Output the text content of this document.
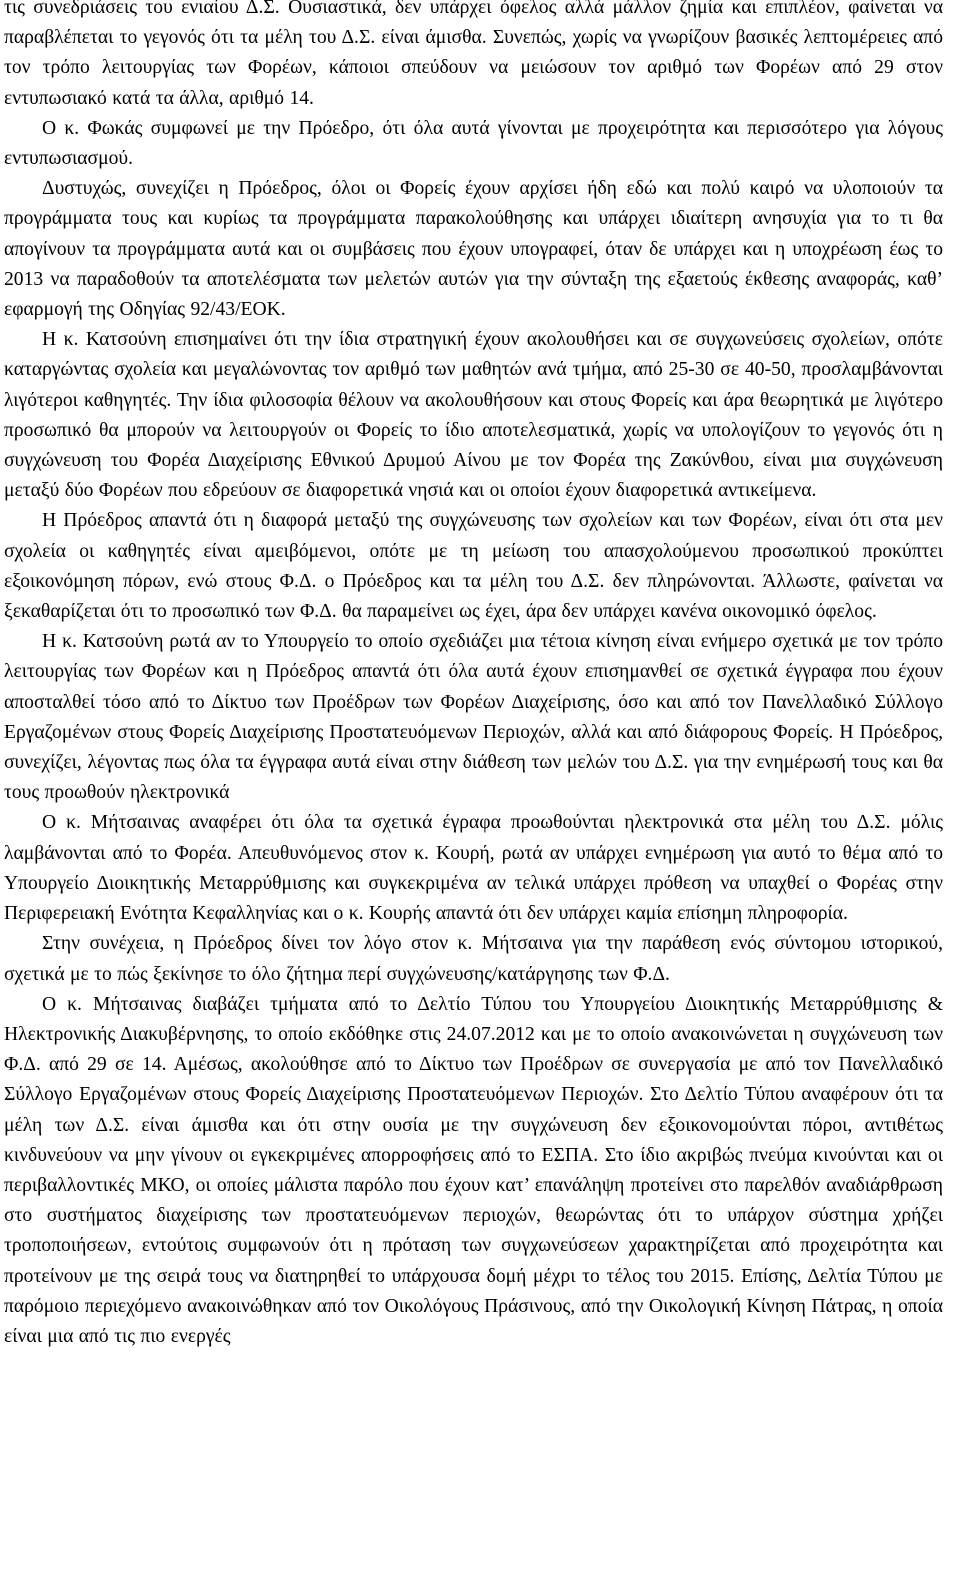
τις συνεδριάσεις του ενιαίου Δ.Σ. Ουσιαστικά, δεν υπάρχει όφελος αλλά μάλλον ζημία και επιπλέον, φαίνεται να παραβλέπεται το γεγονός ότι τα μέλη του Δ.Σ. είναι άμισθα. Συνεπώς, χωρίς να γνωρίζουν βασικές λεπτομέρειες από τον τρόπο λειτουργίας των Φορέων, κάποιοι σπεύδουν να μειώσουν τον αριθμό των Φορέων από 29 στον εντυπωσιακό κατά τα άλλα, αριθμό 14.

Ο κ. Φωκάς συμφωνεί με την Πρόεδρο, ότι όλα αυτά γίνονται με προχειρότητα και περισσότερο για λόγους εντυπωσιασμού.

Δυστυχώς, συνεχίζει η Πρόεδρος, όλοι οι Φορείς έχουν αρχίσει ήδη εδώ και πολύ καιρό να υλοποιούν τα προγράμματα τους και κυρίως τα προγράμματα παρακολούθησης και υπάρχει ιδιαίτερη ανησυχία για το τι θα απογίνουν τα προγράμματα αυτά και οι συμβάσεις που έχουν υπογραφεί, όταν δε υπάρχει και η υποχρέωση έως το 2013 να παραδοθούν τα αποτελέσματα των μελετών αυτών για την σύνταξη της εξαετούς έκθεσης αναφοράς, καθ’ εφαρμογή της Οδηγίας 92/43/ΕΟΚ.

Η κ. Κατσούνη επισημαίνει ότι την ίδια στρατηγική έχουν ακολουθήσει και σε συγχωνεύσεις σχολείων, οπότε καταργώντας σχολεία και μεγαλώνοντας τον αριθμό των μαθητών ανά τμήμα, από 25-30 σε 40-50, προσλαμβάνονται λιγότεροι καθηγητές. Την ίδια φιλοσοφία θέλουν να ακολουθήσουν και στους Φορείς και άρα θεωρητικά με λιγότερο προσωπικό θα μπορούν να λειτουργούν οι Φορείς το ίδιο αποτελεσματικά, χωρίς να υπολογίζουν το γεγονός ότι η συγχώνευση του Φορέα Διαχείρισης Εθνικού Δρυμού Αίνου με τον Φορέα της Ζακύνθου, είναι μια συγχώνευση μεταξύ δύο Φορέων που εδρεύουν σε διαφορετικά νησιά και οι οποίοι έχουν διαφορετικά αντικείμενα.

Η Πρόεδρος απαντά ότι η διαφορά μεταξύ της συγχώνευσης των σχολείων και των Φορέων, είναι ότι στα μεν σχολεία οι καθηγητές είναι αμειβόμενοι, οπότε με τη μείωση του απασχολούμενου προσωπικού προκύπτει εξοικονόμηση πόρων, ενώ στους Φ.Δ. ο Πρόεδρος και τα μέλη του Δ.Σ. δεν πληρώνονται. Άλλωστε, φαίνεται να ξεκαθαρίζεται ότι το προσωπικό των Φ.Δ. θα παραμείνει ως έχει, άρα δεν υπάρχει κανένα οικονομικό όφελος.

Η κ. Κατσούνη ρωτά αν το Υπουργείο το οποίο σχεδιάζει μια τέτοια κίνηση είναι ενήμερο σχετικά με τον τρόπο λειτουργίας των Φορέων και η Πρόεδρος απαντά ότι όλα αυτά έχουν επισημανθεί σε σχετικά έγγραφα που έχουν αποσταλθεί τόσο από το Δίκτυο των Προέδρων των Φορέων Διαχείρισης, όσο και από τον Πανελλαδικό Σύλλογο Εργαζομένων στους Φορείς Διαχείρισης Προστατευόμενων Περιοχών, αλλά και από διάφορους Φορείς. Η Πρόεδρος, συνεχίζει, λέγοντας πως όλα τα έγγραφα αυτά είναι στην διάθεση των μελών του Δ.Σ. για την ενημέρωσή τους και θα τους προωθούν ηλεκτρονικά

Ο κ. Μήτσαινας αναφέρει ότι όλα τα σχετικά έγραφα προωθούνται ηλεκτρονικά στα μέλη του Δ.Σ. μόλις λαμβάνονται από το Φορέα. Απευθυνόμενος στον κ. Κουρή, ρωτά αν υπάρχει ενημέρωση για αυτό το θέμα από το Υπουργείο Διοικητικής Μεταρρύθμισης και συγκεκριμένα αν τελικά υπάρχει πρόθεση να υπαχθεί ο Φορέας στην Περιφερειακή Ενότητα Κεφαλληνίας και ο κ. Κουρής απαντά ότι δεν υπάρχει καμία επίσημη πληροφορία.

Στην συνέχεια, η Πρόεδρος δίνει τον λόγο στον κ. Μήτσαινα για την παράθεση ενός σύντομου ιστορικού, σχετικά με το πώς ξεκίνησε το όλο ζήτημα περί συγχώνευσης/κατάργησης των Φ.Δ.

Ο κ. Μήτσαινας διαβάζει τμήματα από το Δελτίο Τύπου του Υπουργείου Διοικητικής Μεταρρύθμισης & Ηλεκτρονικής Διακυβέρνησης, το οποίο εκδόθηκε στις 24.07.2012 και με το οποίο ανακοινώνεται η συγχώνευση των Φ.Δ. από 29 σε 14. Αμέσως, ακολούθησε από το Δίκτυο των Προέδρων σε συνεργασία με από τον Πανελλαδικό Σύλλογο Εργαζομένων στους Φορείς Διαχείρισης Προστατευόμενων Περιοχών. Στο Δελτίο Τύπου αναφέρουν ότι τα μέλη των Δ.Σ. είναι άμισθα και ότι στην ουσία με την συγχώνευση δεν εξοικονομούνται πόροι, αντιθέτως κινδυνεύουν να μην γίνουν οι εγκεκριμένες απορροφήσεις από το ΕΣΠΑ. Στο ίδιο ακριβώς πνεύμα κινούνται και οι περιβαλλοντικές ΜΚΟ, οι οποίες μάλιστα παρόλο που έχουν κατ’ επανάληψη προτείνει στο παρελθόν αναδιάρθρωση στο συστήματος διαχείρισης των προστατευόμενων περιοχών, θεωρώντας ότι το υπάρχον σύστημα χρήζει τροποποιήσεων, εντούτοις συμφωνούν ότι η πρόταση των συγχωνεύσεων χαρακτηρίζεται από προχειρότητα και προτείνουν με της σειρά τους να διατηρηθεί το υπάρχουσα δομή μέχρι το τέλος του 2015. Επίσης, Δελτία Τύπου με παρόμοιο περιεχόμενο ανακοινώθηκαν από τον Οικολόγους Πράσινους, από την Οικολογική Κίνηση Πάτρας, η οποία είναι μια από τις πιο ενεργές
